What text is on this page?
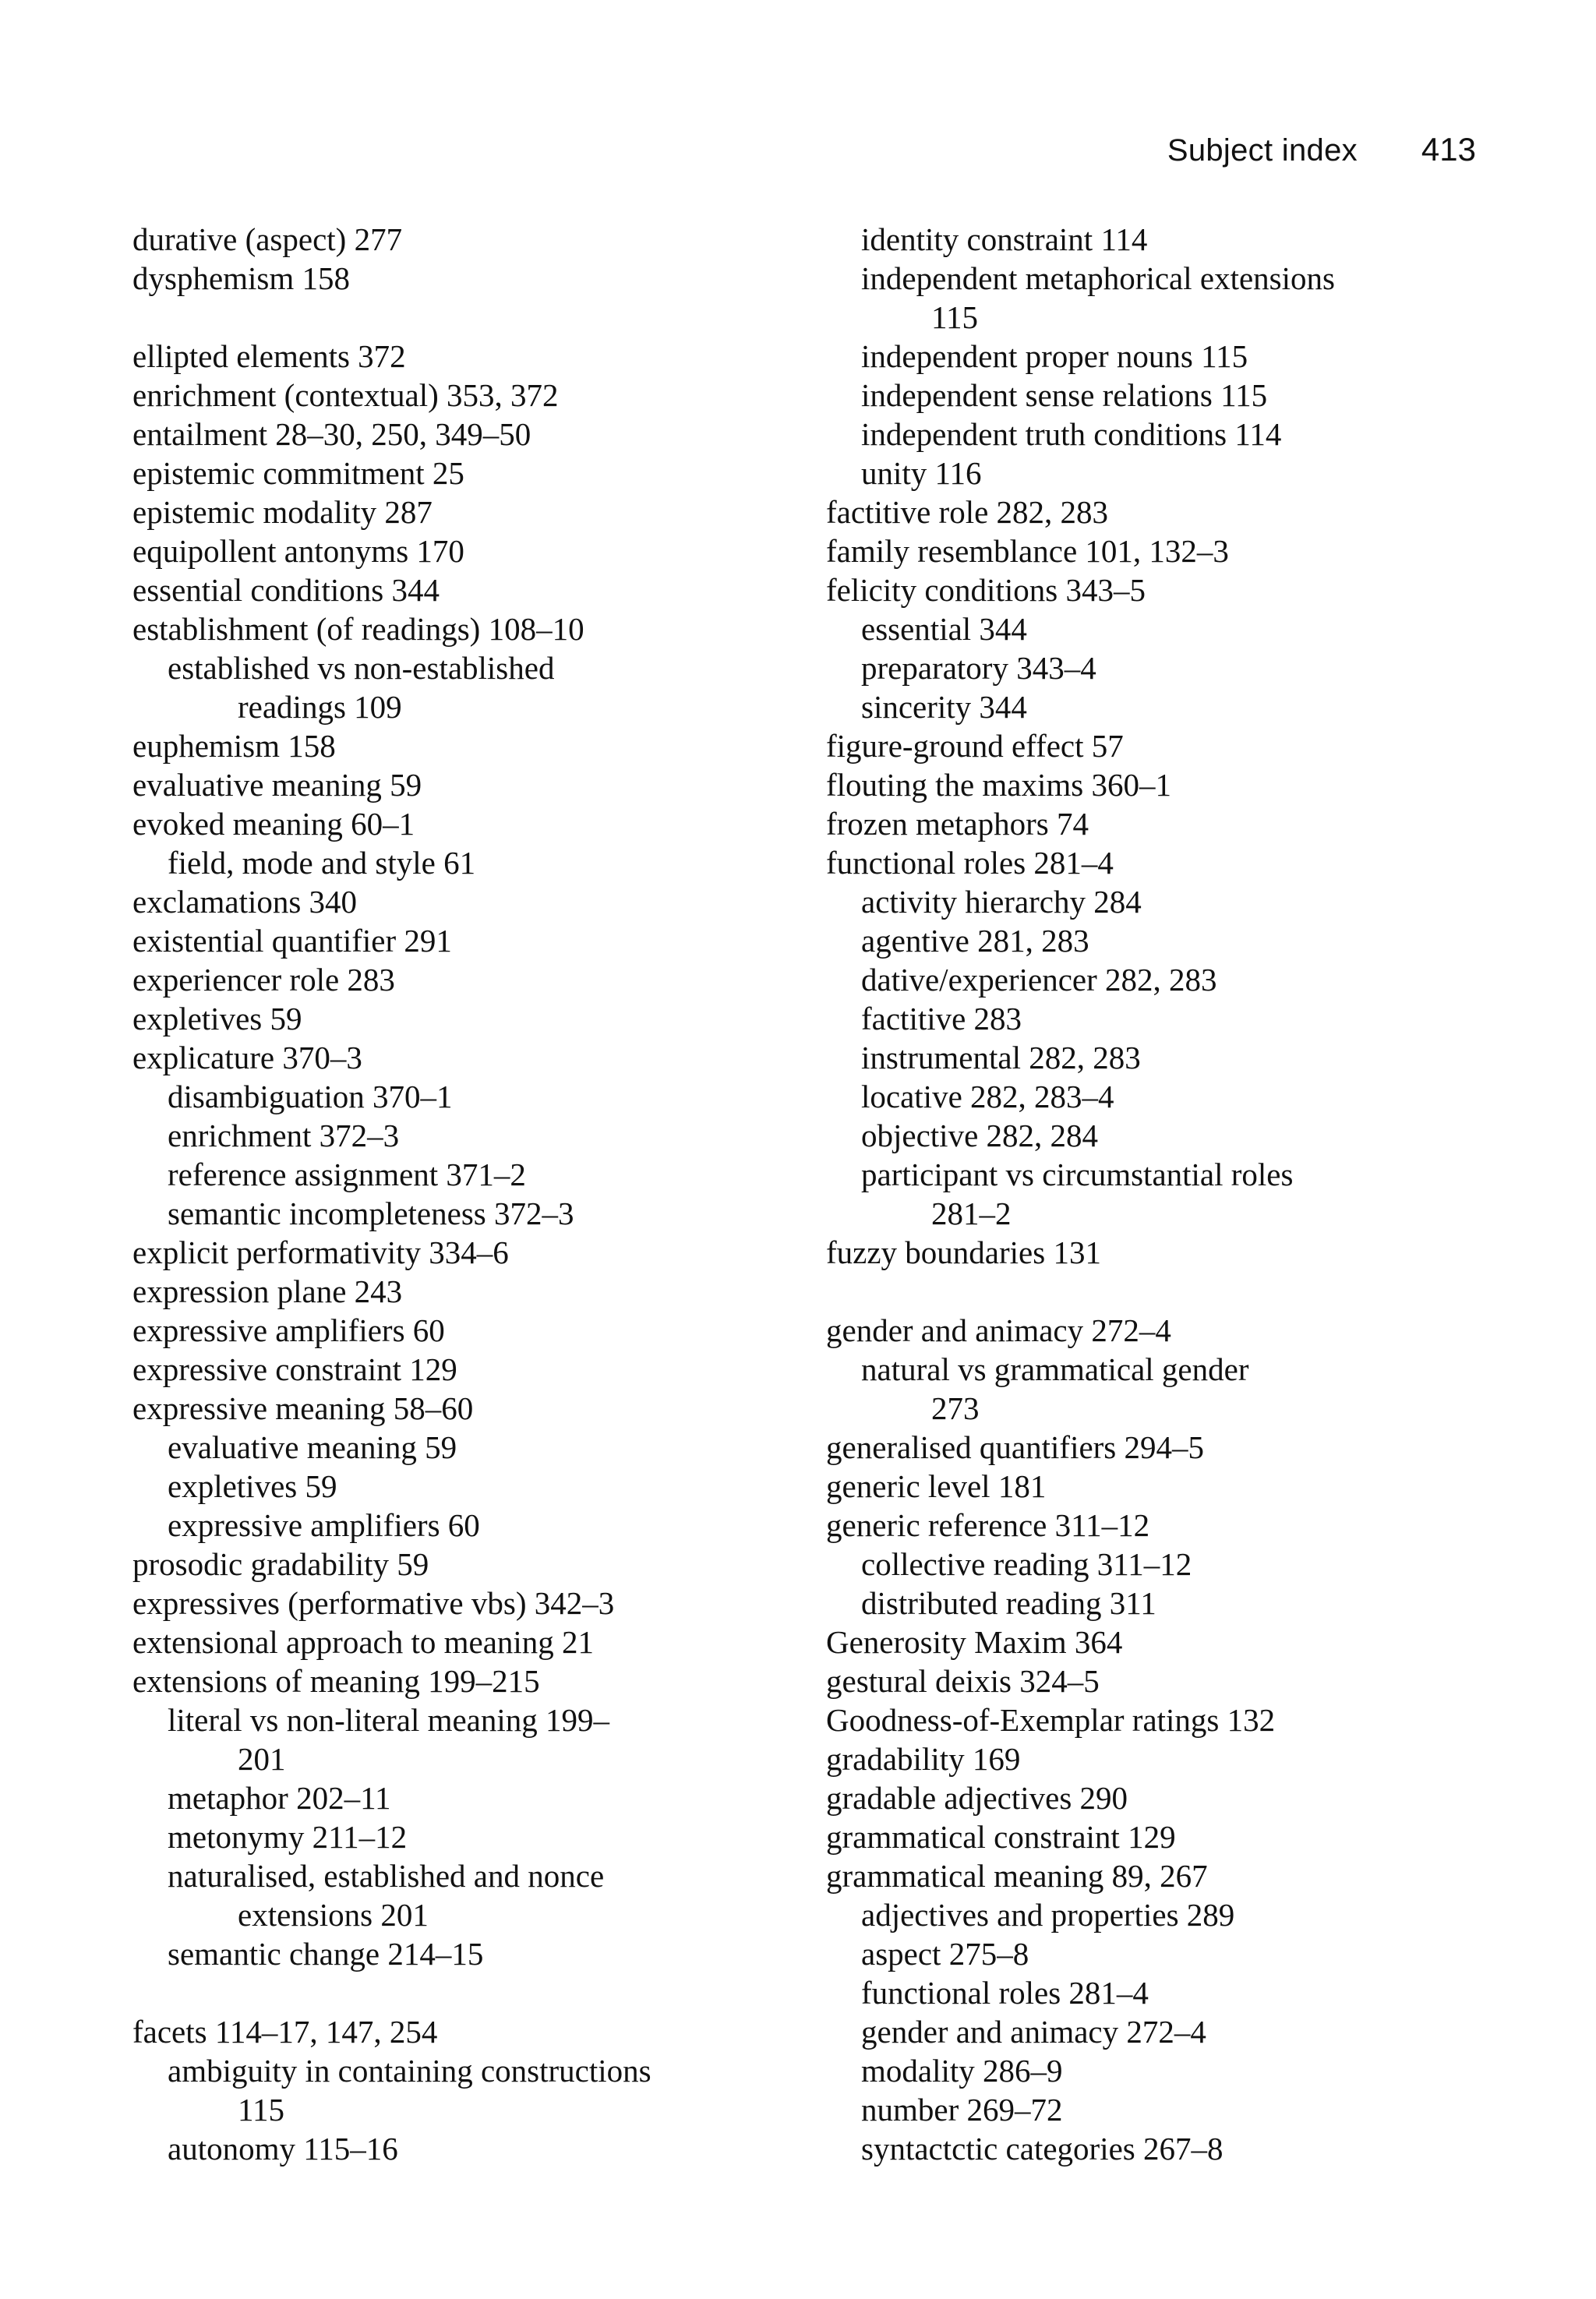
Subject index 413
durative (aspect) 277
dysphemism 158
ellipted elements 372
enrichment (contextual) 353, 372
entailment 28–30, 250, 349–50
epistemic commitment 25
epistemic modality 287
equipollent antonyms 170
essential conditions 344
establishment (of readings) 108–10
established vs non-established
readings 109
euphemism 158
evaluative meaning 59
evoked meaning 60–1
field, mode and style 61
exclamations 340
existential quantifier 291
experiencer role 283
expletives 59
explicature 370–3
disambiguation 370–1
enrichment 372–3
reference assignment 371–2
semantic incompleteness 372–3
explicit performativity 334–6
expression plane 243
expressive amplifiers 60
expressive constraint 129
expressive meaning 58–60
evaluative meaning 59
expletives 59
expressive amplifiers 60
prosodic gradability 59
expressives (performative vbs) 342–3
extensional approach to meaning 21
extensions of meaning 199–215
literal vs non-literal meaning 199–
201
metaphor 202–11
metonymy 211–12
naturalised, established and nonce
extensions 201
semantic change 214–15
facets 114–17, 147, 254
ambiguity in containing constructions
115
autonomy 115–16
identity constraint 114
independent metaphorical extensions
115
independent proper nouns 115
independent sense relations 115
independent truth conditions 114
unity 116
factitive role 282, 283
family resemblance 101, 132–3
felicity conditions 343–5
essential 344
preparatory 343–4
sincerity 344
figure-ground effect 57
flouting the maxims 360–1
frozen metaphors 74
functional roles 281–4
activity hierarchy 284
agentive 281, 283
dative/experiencer 282, 283
factitive 283
instrumental 282, 283
locative 282, 283–4
objective 282, 284
participant vs circumstantial roles
281–2
fuzzy boundaries 131
gender and animacy 272–4
natural vs grammatical gender
273
generalised quantifiers 294–5
generic level 181
generic reference 311–12
collective reading 311–12
distributed reading 311
Generosity Maxim 364
gestural deixis 324–5
Goodness-of-Exemplar ratings 132
gradability 169
gradable adjectives 290
grammatical constraint 129
grammatical meaning 89, 267
adjectives and properties 289
aspect 275–8
functional roles 281–4
gender and animacy 272–4
modality 286–9
number 269–72
syntactctic categories 267–8
